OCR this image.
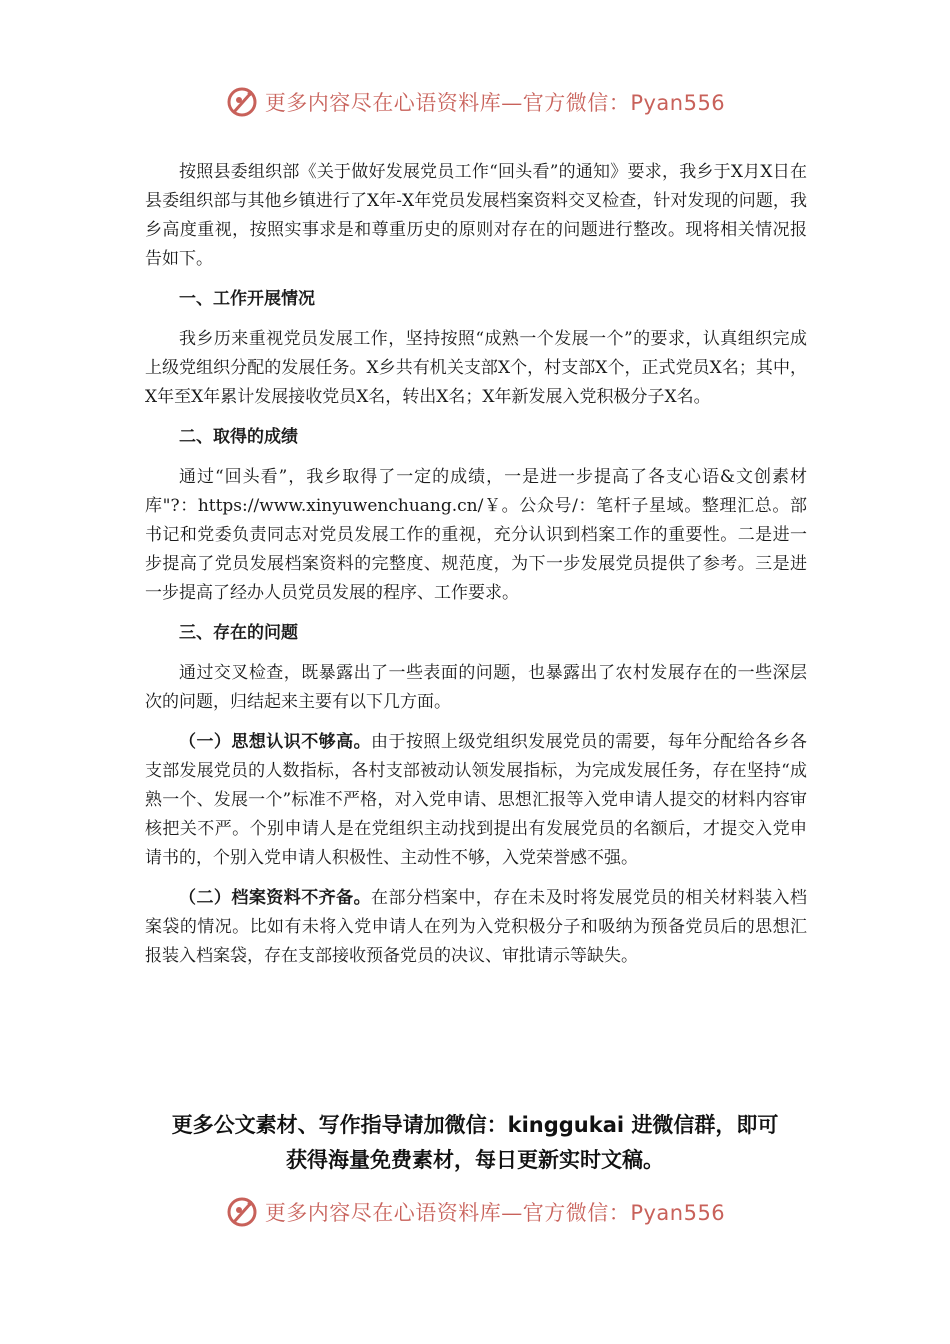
更多内容尽在心语资料库—官方微信：Pyan556

按照县委组织部《关于做好发展党员工作“回头看”的通知》要求，我乡于X月X日在县委组织部与其他乡镇进行了X年-X年党员发展档案资料交叉检查，针对发现的问题，我乡高度重视，按照实事求是和尊重历史的原则对存在的问题进行整改。现将相关情况报告如下。

一、工作开展情况

我乡历来重视党员发展工作，坚持按照“成熟一个发展一个”的要求，认真组织完成上级党组织分配的发展任务。X乡共有机关支部X个，村支部X个，正式党员X名；其中，X年至X年累计发展接收党员X名，转出X名；X年新发展入党积极分子X名。

二、取得的成绩

通过“回头看”，我乡取得了一定的成绩，一是进一步提高了各支心语&文创素材库"?：https://www.xinyuwenchuang.cn/￥。公众号/：笔杆子星域。整理汇总。部书记和党委负责同志对党员发展工作的重视，充分认识到档案工作的重要性。二是进一步提高了党员发展档案资料的完整度、规范度，为下一步发展党员提供了参考。三是进一步提高了经办人员党员发展的程序、工作要求。

三、存在的问题

通过交叉检查，既暴露出了一些表面的问题，也暴露出了农村发展存在的一些深层次的问题，归结起来主要有以下几方面。

（一）思想认识不够高。由于按照上级党组织发展党员的需要，每年分配给各乡各支部发展党员的人数指标，各村支部被动认领发展指标，为完成发展任务，存在坚持“成熟一个、发展一个”标准不严格，对入党申请、思想汇报等入党申请人提交的材料内容审核把关不严。个别申请人是在党组织主动找到提出有发展党员的名额后，才提交入党申请书的，个别入党申请人积极性、主动性不够，入党荣誉感不强。

（二）档案资料不齐备。在部分档案中，存在未及时将发展党员的相关材料装入档案袋的情况。比如有未将入党申请人在列为入党积极分子和吸纳为预备党员后的思想汇报装入档案袋，存在支部接收预备党员的决议、审批请示等缺失。

更多公文素材、写作指导请加微信：kinggukai 进微信群，即可
获得海量免费素材，每日更新实时文稿。
更多内容尽在心语资料库—官方微信：Pyan556
